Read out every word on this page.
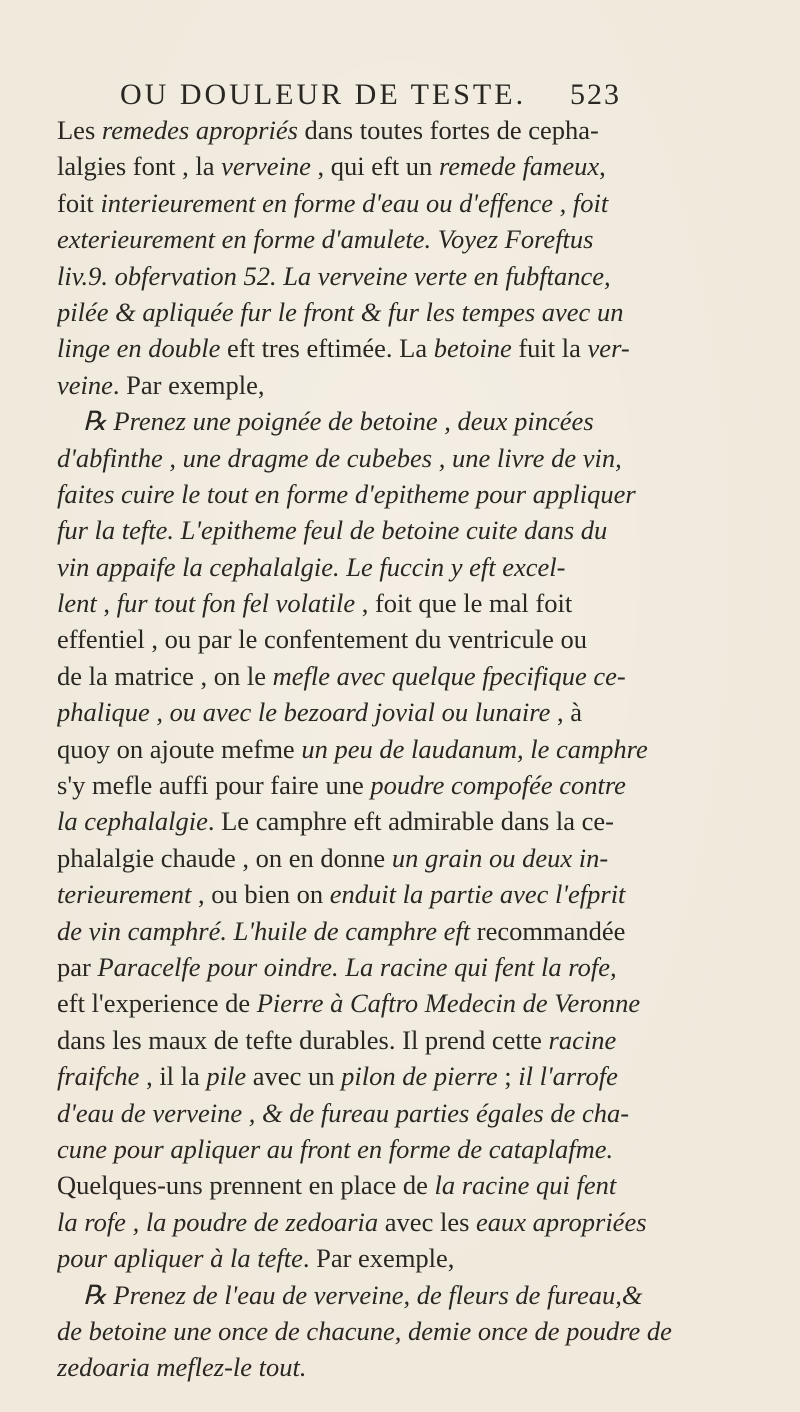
OU DOULEUR DE TESTE. 523
Les remedes apropriés dans toutes fortes de cepha-
lalgies font , la verveine , qui eft un remede fameux,
foit interieurement en forme d'eau ou d'effence , foit
exterieurement en forme d'amulete. Voyez Foreftus
liv.9. obfervation 52. La verveine verte en fubftance,
pilée & apliquée fur le front & fur les tempes avec un
linge en double eft tres eftimée. La betoine fuit la ver-
veine. Par exemple,
℞ Prenez une poignée de betoine , deux pincées
d'abfinthe , une dragme de cubebes , une livre de vin,
faites cuire le tout en forme d'epitheme pour appliquer
fur la tefte. L'epitheme feul de betoine cuite dans du
vin appaife la cephalalgie. Le fuccin y eft excel-
lent , fur tout fon fel volatile , foit que le mal foit
effentiel , ou par le confentement du ventricule ou
de la matrice , on le mefle avec quelque fpecifique ce-
phalique , ou avec le bezoard jovial ou lunaire , à
quoy on ajoute mefme un peu de laudanum, le camphre
s'y mefle auffi pour faire une poudre compofée contre
la cephalalgie. Le camphre eft admirable dans la ce-
phalalgie chaude , on en donne un grain ou deux in-
terieurement , ou bien on enduit la partie avec l'efprit
de vin camphré. L'huile de camphre eft recommandée
par Paracelfe pour oindre. La racine qui fent la rofe,
eft l'experience de Pierre à Caftro Medecin de Veronne
dans les maux de tefte durables. Il prend cette racine
fraifche , il la pile avec un pilon de pierre ; il l'arrofe
d'eau de verveine , & de fureau parties égales de cha-
cune pour apliquer au front en forme de cataplafme.
Quelques-uns prennent en place de la racine qui fent
la rofe , la poudre de zedoaria avec les eaux apropriées
pour apliquer à la tefte. Par exemple,
℞ Prenez de l'eau de verveine, de fleurs de fureau,&
de betoine une once de chacune, demie once de poudre de
zedoaria meflez-le tout.
